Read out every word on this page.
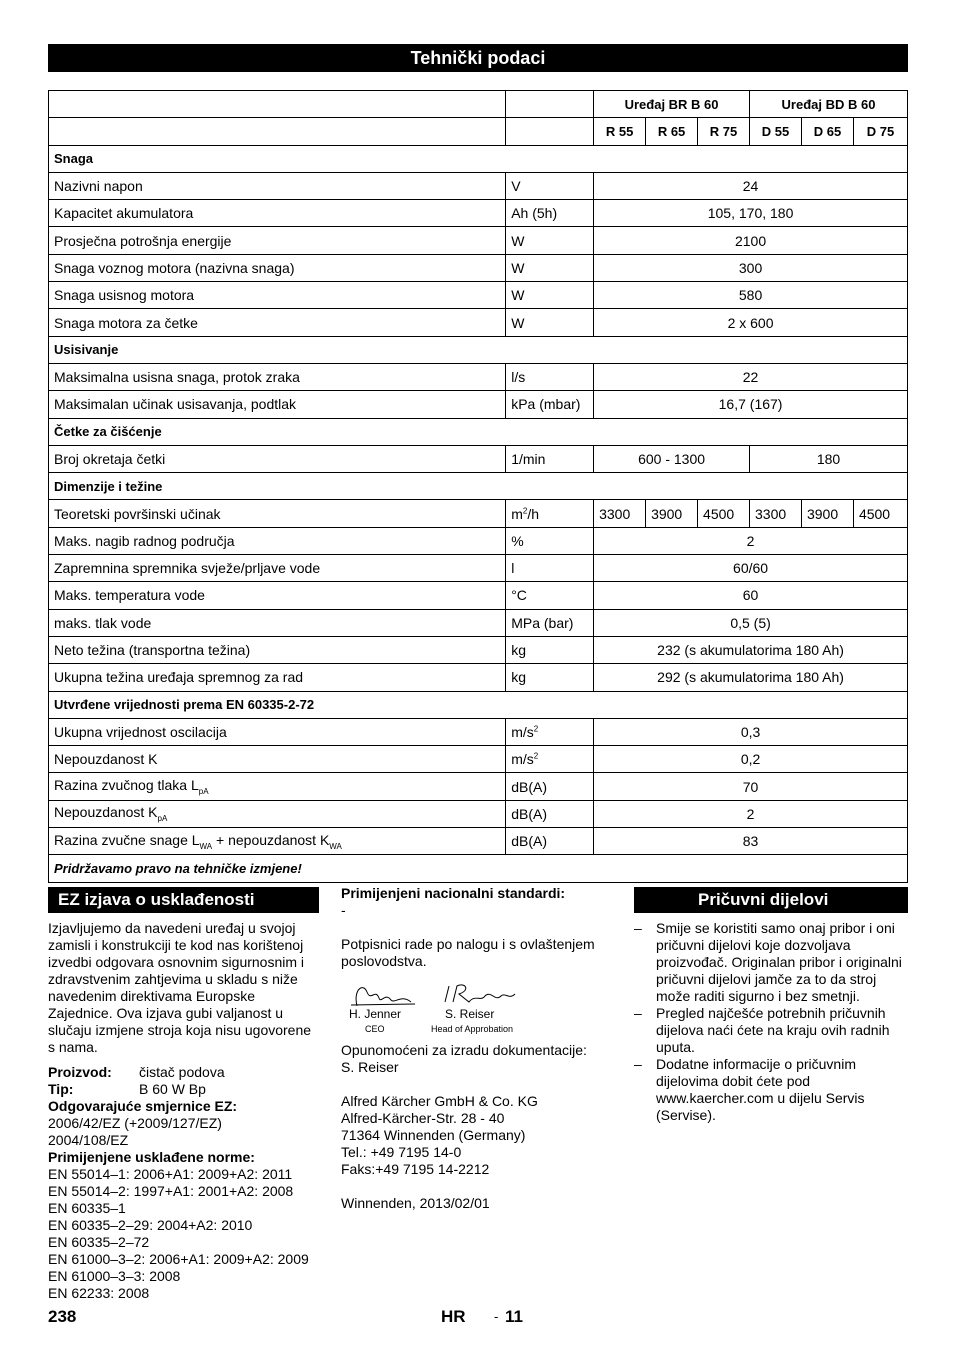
Tehnički podaci
		Uređaj BR B 60			Uređaj BD B 60		
		R 55	R 65	R 75	D 55	D 65	D 75
Snaga							
Nazivni napon	V	24					
Kapacitet akumulatora	Ah (5h)	105, 170, 180					
Prosječna potrošnja energije	W	2100					
Snaga voznog motora (nazivna snaga)	W	300					
Snaga usisnog motora	W	580					
Snaga motora za četke	W	2 x 600					
Usisivanje							
Maksimalna usisna snaga, protok zraka	l/s	22					
Maksimalan učinak usisavanja, podtlak	kPa (mbar)	16,7 (167)					
Četke za čišćenje							
Broj okretaja četki	1/min	600 - 1300			180		
Dimenzije i težine							
Teoretski površinski učinak	$m^2/h$	3300	3900	4500	3300	3900	4500
Maks. nagib radnog područja	%	2					
Zapremnina spremnika svježe/prljave vode	l	60/60					
Maks. temperatura vode	°C	60					
maks. tlak vode	MPa (bar)	0,5 (5)					
Neto težina (transportna težina)	kg	232 (s akumulatorima 180 Ah)					
Ukupna težina uređaja spremnog za rad	kg	292 (s akumulatorima 180 Ah)					
Utvrđene vrijednosti prema EN 60335-2-72							
Ukupna vrijednost oscilacija	$m/s^2$	0,3					
Nepouzdanost K	$m/s^2$	0,2					
Razina zvučnog tlaka $L_{pA}$	dB(A)	70					
Nepouzdanost $K_{pA}$	dB(A)	2					
Razina zvučne snage $L_{WA}$ + nepouzdanost $K_{WA}$	dB(A)	83					
Pridržavamo pravo na tehničke izmjene!							
EZ izjava o usklađenosti	Pričuvni dijelovi
Izjavljujemo da navedeni uređaj u svojoj zamisli i konstrukciji te kod nas korištenoj izvedbi odgovara osnovnim sigurnosnim i zdravstvenim zahtjevima u skladu s niže navedenim direktivama Europske Zajednice. Ova izjava gubi valjanost u slučaju izmjene stroja koja nisu ugovorene s nama.
Proizvod:	čistač podova
Tip:	B 60 W Bp
Odgovarajuće smjernice EZ:
2006/42/EZ (+2009/127/EZ)
2004/108/EZ
Primijenjene usklađene norme:
EN 55014–1: 2006+A1: 2009+A2: 2011
EN 55014–2: 1997+A1: 2001+A2: 2008
EN 60335–1
EN 60335–2–29: 2004+A2: 2010
EN 60335–2–72
EN 61000–3–2: 2006+A1: 2009+A2: 2009
EN 61000–3–3: 2008
EN 62233: 2008
Primijenjeni nacionalni standardi:
-
Potpisnici rade po nalogu i s ovlaštenjem poslovodstva.
H. Jenner	S. Reiser
CEO	Head of Approbation
Opunomoćeni za izradu dokumentacije:
S. Reiser
Alfred Kärcher GmbH & Co. KG
Alfred-Kärcher-Str. 28 - 40
71364 Winnenden (Germany)
Tel.: +49 7195 14-0
Faks:+49 7195 14-2212
Winnenden, 2013/02/01
– Smije se koristiti samo onaj pribor i oni pričuvni dijelovi koje dozvoljava proizvođač. Originalan pribor i originalni pričuvni dijelovi jamče za to da stroj može raditi sigurno i bez smetnji.
– Pregled najčešće potrebnih pričuvnih dijelova naći ćete na kraju ovih radnih uputa.
– Dodatne informacije o pričuvnim dijelovima dobit ćete pod www.kaercher.com u dijelu Servis (Servise).
238	HR - 11
